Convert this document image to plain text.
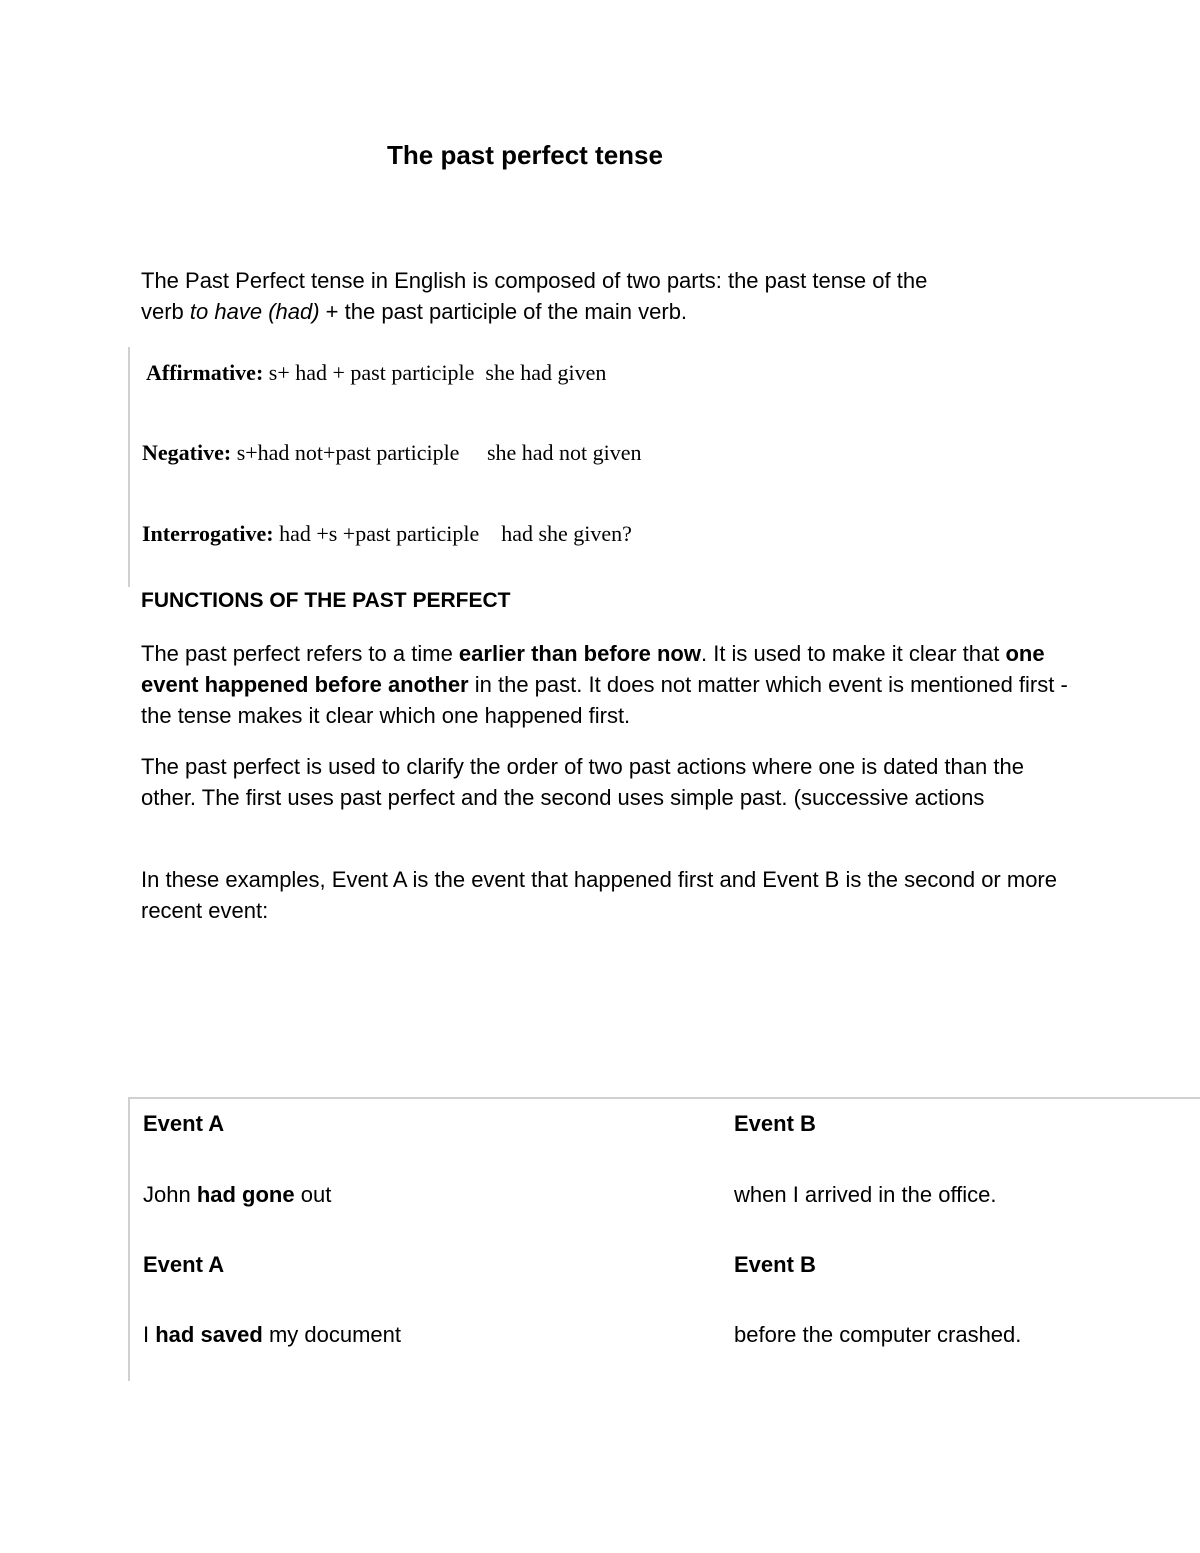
The past perfect tense
The Past Perfect tense in English is composed of two parts: the past tense of the
verb to have (had) + the past participle of the main verb.
Affirmative: s+ had + past participle  she had given
Negative: s+had not+past participle     she had not given
Interrogative: had +s +past participle    had she given?
FUNCTIONS OF THE PAST PERFECT
The past perfect refers to a time earlier than before now. It is used to make it clear that one event happened before another in the past. It does not matter which event is mentioned first - the tense makes it clear which one happened first.
The past perfect is used to clarify the order of two past actions where one is dated than the other. The first uses past perfect and the second uses simple past. (successive actions
In these examples, Event A is the event that happened first and Event B is the second or more recent event:
Event A	Event B
John had gone out	when I arrived in the office.
Event A	Event B
I had saved my document	before the computer crashed.
